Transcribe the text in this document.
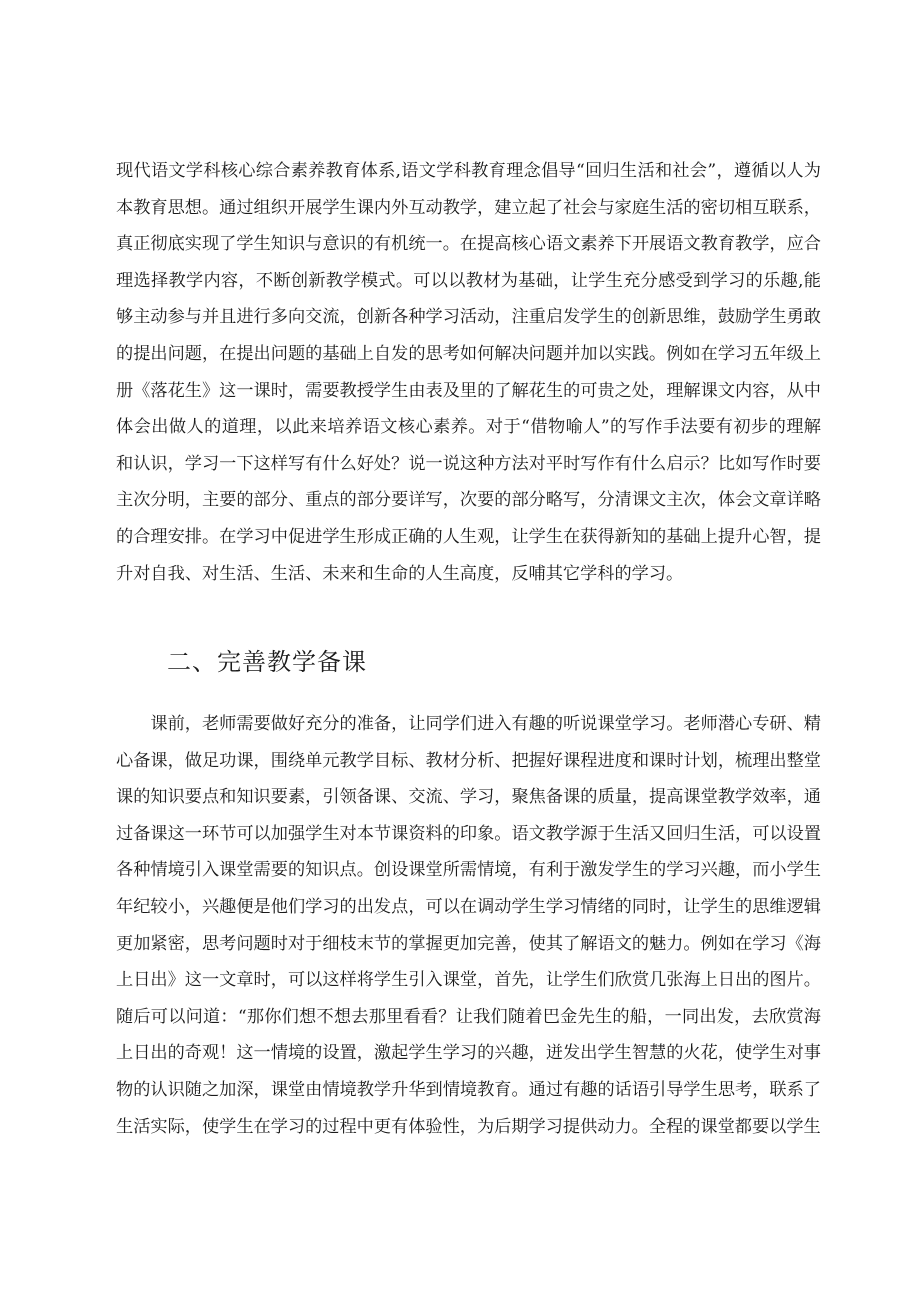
现代语文学科核心综合素养教育体系,语文学科教育理念倡导“回归生活和社会”，遵循以人为本教育思想。通过组织开展学生课内外互动教学，建立起了社会与家庭生活的密切相互联系，真正彻底实现了学生知识与意识的有机统一。在提高核心语文素养下开展语文教育教学，应合理选择教学内容，不断创新教学模式。可以以教材为基础，让学生充分感受到学习的乐趣,能够主动参与并且进行多向交流，创新各种学习活动，注重启发学生的创新思维，鼓励学生勇敢的提出问题，在提出问题的基础上自发的思考如何解决问题并加以实践。例如在学习五年级上册《落花生》这一课时，需要教授学生由表及里的了解花生的可贵之处，理解课文内容，从中体会出做人的道理，以此来培养语文核心素养。对于“借物喻人”的写作手法要有初步的理解和认识，学习一下这样写有什么好处？说一说这种方法对平时写作有什么启示？比如写作时要主次分明，主要的部分、重点的部分要详写，次要的部分略写，分清课文主次，体会文章详略的合理安排。在学习中促进学生形成正确的人生观，让学生在获得新知的基础上提升心智，提升对自我、对生活、生活、未来和生命的人生高度，反哺其它学科的学习。

二、完善教学备课

课前，老师需要做好充分的准备，让同学们进入有趣的听说课堂学习。老师潜心专研、精心备课，做足功课，围绕单元教学目标、教材分析、把握好课程进度和课时计划，梳理出整堂课的知识要点和知识要素，引领备课、交流、学习，聚焦备课的质量，提高课堂教学效率，通过备课这一环节可以加强学生对本节课资料的印象。语文教学源于生活又回归生活，可以设置各种情境引入课堂需要的知识点。创设课堂所需情境，有利于激发学生的学习兴趣，而小学生年纪较小，兴趣便是他们学习的出发点，可以在调动学生学习情绪的同时，让学生的思维逻辑更加紧密，思考问题时对于细枝末节的掌握更加完善，使其了解语文的魅力。例如在学习《海上日出》这一文章时，可以这样将学生引入课堂，首先，让学生们欣赏几张海上日出的图片。随后可以问道：“那你们想不想去那里看看？让我们随着巴金先生的船，一同出发，去欣赏海上日出的奇观！这一情境的设置，激起学生学习的兴趣，迸发出学生智慧的火花，使学生对事物的认识随之加深，课堂由情境教学升华到情境教育。通过有趣的话语引导学生思考，联系了生活实际，使学生在学习的过程中更有体验性，为后期学习提供动力。全程的课堂都要以学生
